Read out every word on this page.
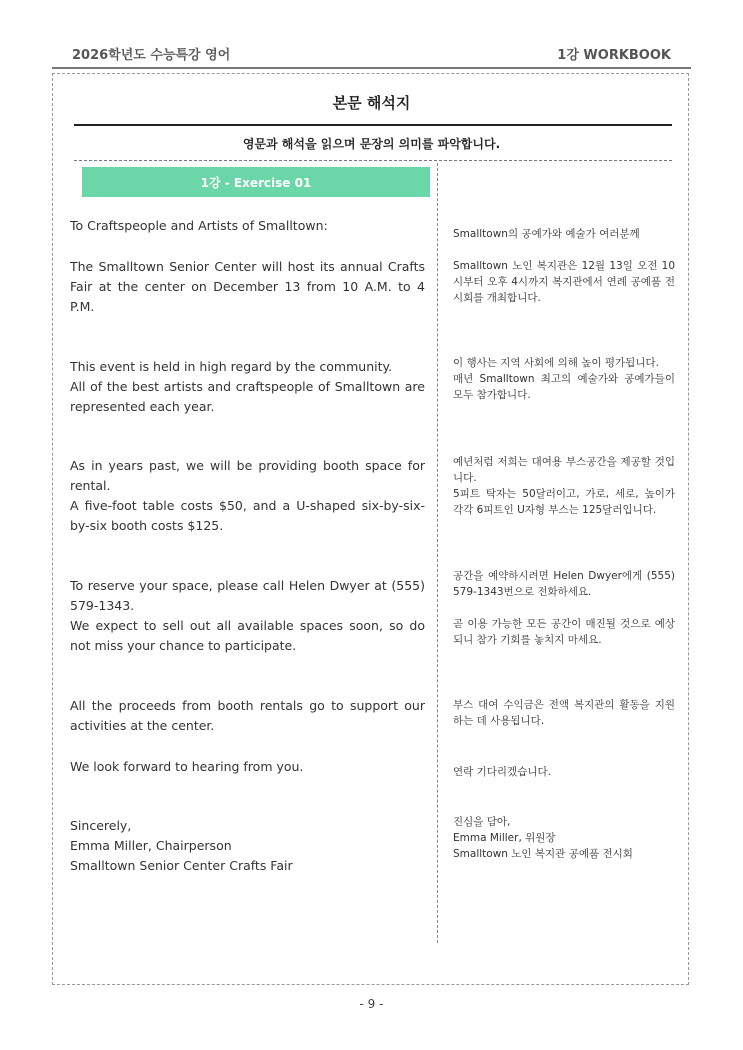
2026학년도 수능특강 영어	1강 WORKBOOK
본문 해석지
영문과 해석을 읽으며 문장의 의미를 파악합니다.
1강 - Exercise 01

To Craftspeople and Artists of Smalltown:

The Smalltown Senior Center will host its annual Crafts Fair at the center on December 13 from 10 A.M. to 4 P.M.

This event is held in high regard by the community.

All of the best artists and craftspeople of Smalltown are represented each year.

As in years past, we will be providing booth space for rental.

A five-foot table costs $50, and a U-shaped six-by-six-by-six booth costs $125.

To reserve your space, please call Helen Dwyer at (555) 579-1343.

We expect to sell out all available spaces soon, so do not miss your chance to participate.

All the proceeds from booth rentals go to support our activities at the center.

We look forward to hearing from you.

Sincerely,

Emma Miller, Chairperson

Smalltown Senior Center Crafts Fair

Smalltown의 공예가와 예술가 여러분께

Smalltown 노인 복지관은 12월 13일 오전 10시부터 오후 4시까지 복지관에서 연례 공예품 전시회를 개최합니다.

이 행사는 지역 사회에 의해 높이 평가됩니다.

매년 Smalltown 최고의 예술가와 공예가들이 모두 참가합니다.

예년처럼 저희는 대여용 부스공간을 제공할 것입니다.

5피트 탁자는 50달러이고, 가로, 세로, 높이가 각각 6피트인 U자형 부스는 125달러입니다.

공간을 예약하시려면 Helen Dwyer에게 (555) 579-1343번으로 전화하세요.

곧 이용 가능한 모든 공간이 매진될 것으로 예상되니 참가 기회를 놓치지 마세요.

부스 대여 수익금은 전액 복지관의 활동을 지원하는 데 사용됩니다.

연락 기다리겠습니다.

진심을 담아,

Emma Miller, 위원장

Smalltown 노인 복지관 공예품 전시회

- 9 -
